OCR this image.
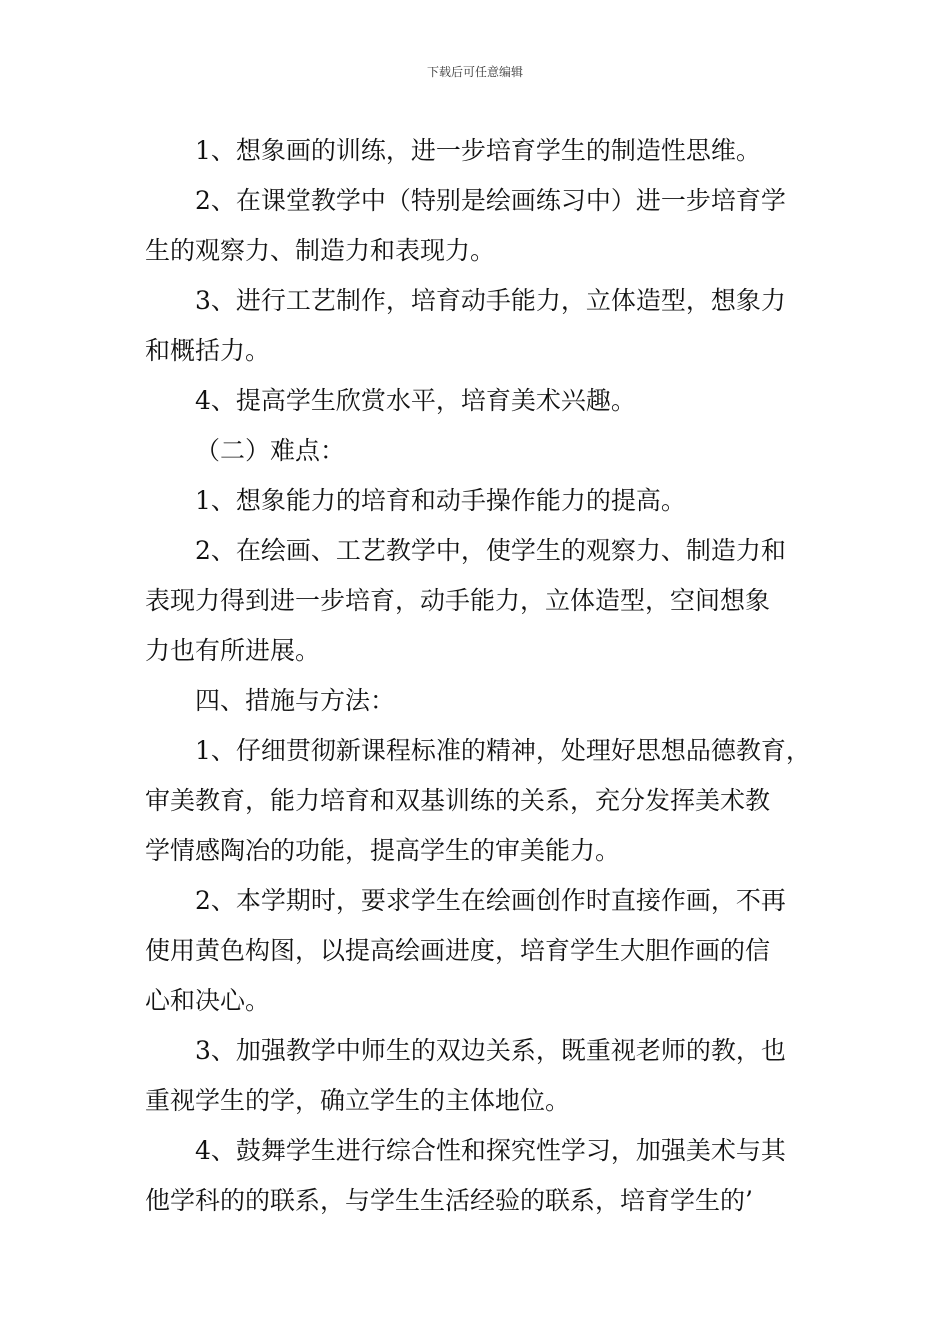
下载后可任意编辑

1、想象画的训练，进一步培育学生的制造性思维。

2、在课堂教学中（特别是绘画练习中）进一步培育学
生的观察力、制造力和表现力。

3、进行工艺制作，培育动手能力，立体造型，想象力
和概括力。

4、提高学生欣赏水平，培育美术兴趣。

（二）难点：

1、想象能力的培育和动手操作能力的提高。

2、在绘画、工艺教学中，使学生的观察力、制造力和
表现力得到进一步培育，动手能力，立体造型，空间想象
力也有所进展。

四、措施与方法：

1、仔细贯彻新课程标准的精神，处理好思想品德教育，
审美教育，能力培育和双基训练的关系，充分发挥美术教
学情感陶冶的功能，提高学生的审美能力。

2、本学期时，要求学生在绘画创作时直接作画，不再
使用黄色构图，以提高绘画进度，培育学生大胆作画的信
心和决心。

3、加强教学中师生的双边关系，既重视老师的教，也
重视学生的学，确立学生的主体地位。

4、鼓舞学生进行综合性和探究性学习，加强美术与其
他学科的的联系，与学生生活经验的联系，培育学生的’
